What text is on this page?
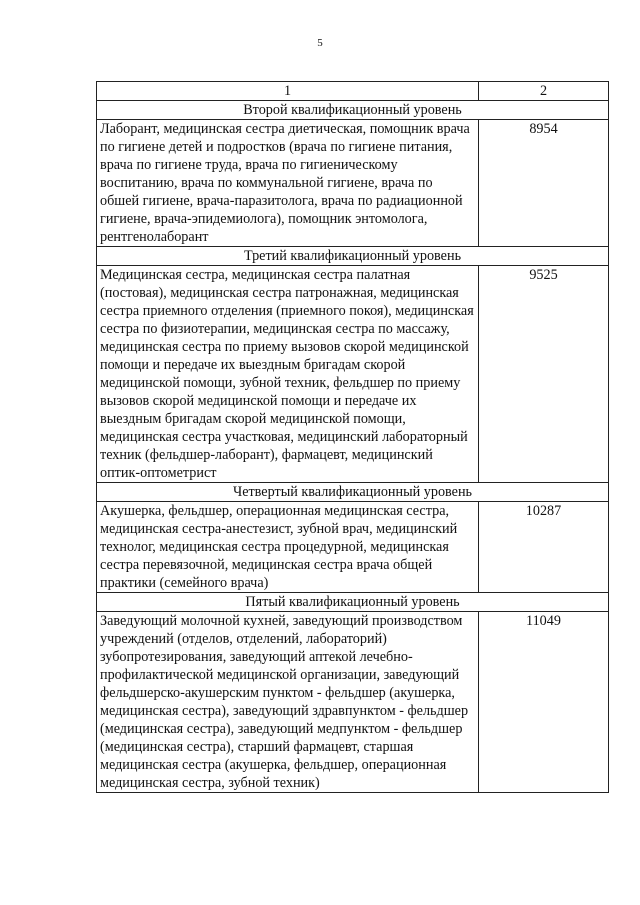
5
1	2
Второй квалификационный уровень	
Лаборант, медицинская сестра диетическая, помощник врача по гигиене детей и подростков (врача по гигиене питания, врача по гигиене труда, врача по гигиеническому воспитанию, врача по коммунальной гигиене, врача по обшей гигиене, врача-паразитолога, врача по радиационной гигиене, врача-эпидемиолога), помощник энтомолога, рентгенолаборант	8954
Третий квалификационный уровень	
Медицинская сестра, медицинская сестра палатная (постовая), медицинская сестра патронажная, медицинская сестра приемного отделения (приемного покоя), медицинская сестра по физиотерапии, медицинская сестра по массажу, медицинская сестра по приему вызовов скорой медицинской помощи и передаче их выездным бригадам скорой медицинской помощи, зубной техник, фельдшер по приему вызовов скорой медицинской помощи и передаче их выездным бригадам скорой медицинской помощи, медицинская сестра участковая, медицинский лабораторный техник (фельдшер-лаборант), фармацевт, медицинский оптик-оптометрист	9525
Четвертый квалификационный уровень	
Акушерка, фельдшер, операционная медицинская сестра, медицинская сестра-анестезист, зубной врач, медицинский технолог, медицинская сестра процедурной, медицинская сестра перевязочной, медицинская сестра врача общей практики (семейного врача)	10287
Пятый квалификационный уровень	
Заведующий молочной кухней, заведующий производством учреждений (отделов, отделений, лабораторий) зубопротезирования, заведующий аптекой лечебно-профилактической медицинской организации, заведующий фельдшерско-акушерским пунктом - фельдшер (акушерка, медицинская сестра), заведующий здравпунктом - фельдшер (медицинская сестра), заведующий медпунктом - фельдшер (медицинская сестра), старший фармацевт, старшая медицинская сестра (акушерка, фельдшер, операционная медицинская сестра, зубной техник)	11049
